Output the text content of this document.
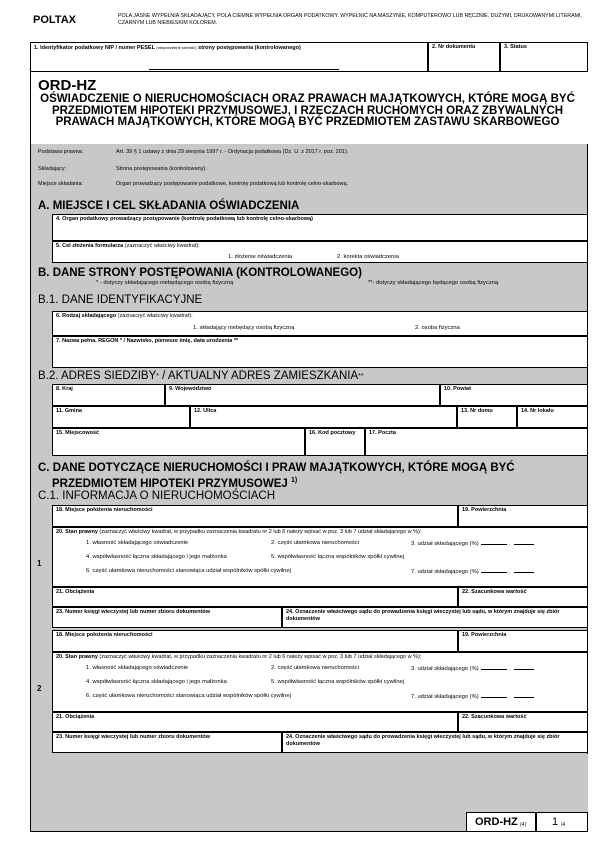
POLTAX	POLA JASNE WYPEŁNIA SKŁADAJĄCY, POLA CIEMNE WYPEŁNIA ORGAN PODATKOWY. WYPEŁNIĆ NA MASZYNIE, KOMPUTEROWO LUB RĘCZNIE, DUŻYMI, DRUKOWANYMI LITERAMI, CZARNYM LUB NIEBIESKIM KOLOREM.
1. Identyfikator podatkowy NIP / numer PESEL (niepotrzebne skreślić) strony postępowania (kontrolowanego)	2. Nr dokumentu	3. Status
ORD-HZ
OŚWIADCZENIE O NIERUCHOMOŚCIACH ORAZ PRAWACH MAJĄTKOWYCH, KTÓRE MOGĄ BYĆ PRZEDMIOTEM HIPOTEKI PRZYMUSOWEJ, I RZECZACH RUCHOMYCH ORAZ ZBYWALNYCH PRAWACH MAJĄTKOWYCH, KTÓRE MOGĄ BYĆ PRZEDMIOTEM ZASTAWU SKARBOWEGO
Podstawa prawna:	Art. 39 § 1 ustawy z dnia 29 sierpnia 1997 r. - Ordynacja podatkowa (Dz. U. z 2017 r. poz. 201).
Składający:	Strona postępowania (kontrolowany).
Miejsce składania:	Organ prowadzący postępowanie podatkowe, kontrolę podatkową lub kontrolę celno-skarbową.
A. MIEJSCE I CEL SKŁADANIA OŚWIADCZENIA
4. Organ podatkowy prowadzący postępowanie (kontrolę podatkową lub kontrolę celno-skarbową)
5. Cel złożenia formularza (zaznaczyć właściwy kwadrat):
1. złożenie oświadczenia	2. korekta oświadczenia
B. DANE STRONY POSTĘPOWANIA (KONTROLOWANEGO)
* - dotyczy składającego niebędącego osobą fizyczną	**- dotyczy składającego będącego osobą fizyczną
B.1. DANE IDENTYFIKACYJNE
6. Rodzaj składającego (zaznaczyć właściwy kwadrat):
1. składający niebędący osobą fizyczną	2. osoba fizyczna
7. Nazwa pełna, REGON * / Nazwisko, pierwsze imię, data urodzenia **
B.2. ADRES SIEDZIBY* / AKTUALNY ADRES ZAMIESZKANIA**
8. Kraj	9. Województwo	10. Powiat
11. Gmina	12. Ulica	13. Nr domu	14. Nr lokalu
15. Miejscowość	16. Kod pocztowy 17. Poczta
C. DANE DOTYCZĄCE NIERUCHOMOŚCI I PRAW MAJĄTKOWYCH, KTÓRE MOGĄ BYĆ
PRZEDMIOTEM HIPOTEKI PRZYMUSOWEJ $^{1)}$
C.1. INFORMACJA O NIERUCHOMOŚCIACH
1
18. Miejsce położenia nieruchomości	19. Powierzchnia
20. Stan prawny (zaznaczyć właściwy kwadrat, w przypadku zaznaczenia kwadratu nr 2 lub 6 należy wpisać w poz. 3 lub 7 udział składającego w %):
1. własność składającego oświadczenie	2. część ułamkowa nieruchomości	3. udział składającego (%)	,
4. współwłasność łączna składającego i jego małżonka	5. współwłasność łączna wspólników spółki cywilnej
6. część ułamkowa nieruchomości stanowiąca udział wspólników spółki cywilnej	7. udział składającego (%)	,
21. Obciążenia	22. Szacunkowa wartość
23. Numer księgi wieczystej lub numer zbioru dokumentów	24. Oznaczenie właściwego sądu do prowadzenia księgi wieczystej lub sądu, w którym znajduje się zbiór dokumentów
2
18. Miejsce położenia nieruchomości	19. Powierzchnia
20. Stan prawny (zaznaczyć właściwy kwadrat, w przypadku zaznaczenia kwadratu nr 2 lub 6 należy wpisać w poz. 3 lub 7 udział składającego w %):
1. własność składającego oświadczenie	2. część ułamkowa nieruchomości	3. udział składającego (%)	,
4. współwłasność łączna składającego i jego małżonka	5. współwłasność łączna wspólników spółki cywilnej
6. część ułamkowa nieruchomości stanowiąca udział wspólników spółki cywilnej	7. udział składającego (%)	,
21. Obciążenia	22. Szacunkowa wartość
23. Numer księgi wieczystej lub numer zbioru dokumentów	24. Oznaczenie właściwego sądu do prowadzenia księgi wieczystej lub sądu, w którym znajduje się zbiór dokumentów
ORD-HZ (4) 1 /4
